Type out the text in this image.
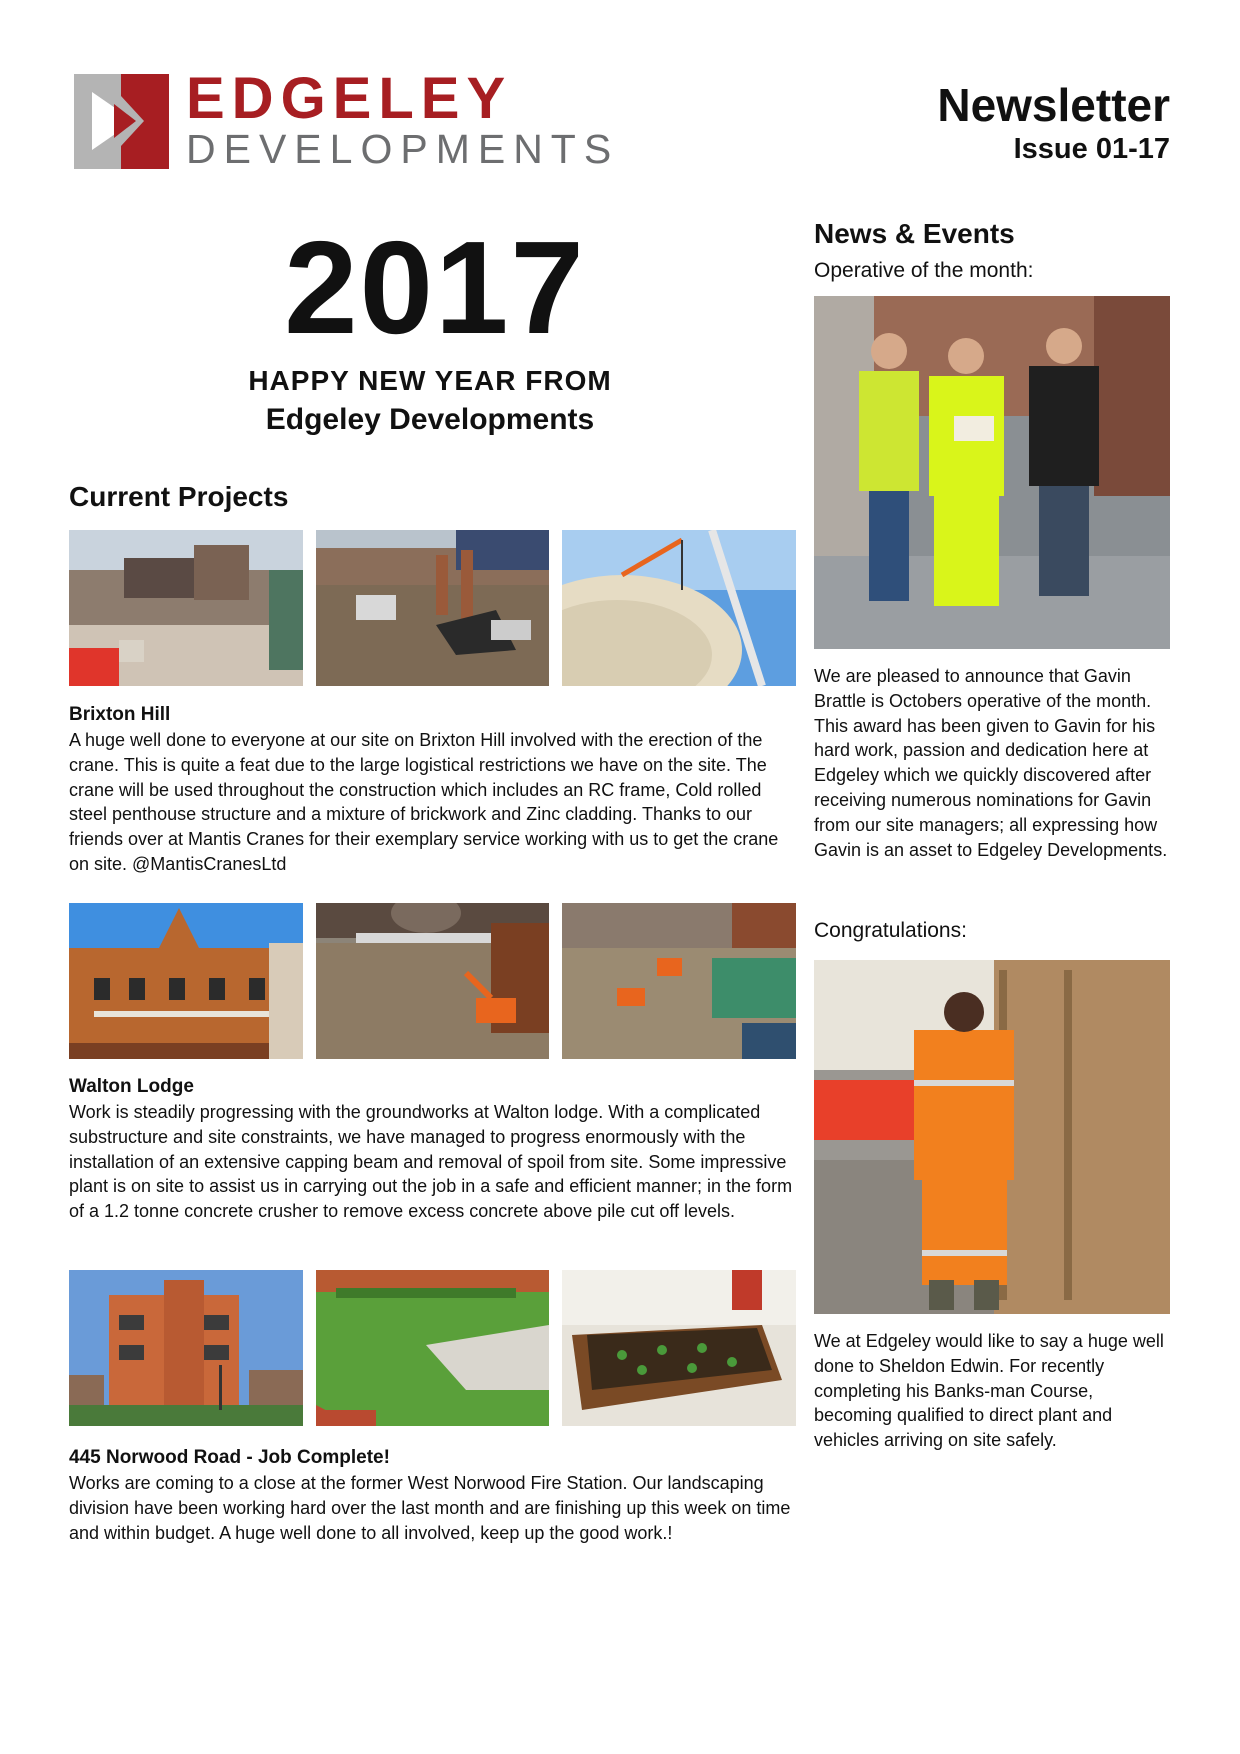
EDGELEY
DEVELOPMENTS
Newsletter
Issue 01-17
2017
HAPPY NEW YEAR FROM
Edgeley Developments
Current Projects
Brixton Hill
A huge well done to everyone at our site on Brixton Hill involved with the erection of the crane. This is quite a feat due to the large logistical restrictions we have on the site. The crane will be used throughout the construction which includes an RC frame, Cold rolled steel penthouse structure and a mixture of brickwork and Zinc cladding. Thanks to our friends over at Mantis Cranes for their exemplary service working with us to get the crane on site. @MantisCranesLtd
Walton Lodge
Work is steadily progressing with the groundworks at Walton lodge. With a complicated substructure and site constraints, we have managed to progress enormously with the installation of an extensive capping beam and removal of spoil from site. Some impressive plant is on site to assist us in carrying out the job in a safe and efficient manner; in the form of a 1.2 tonne concrete crusher to remove excess concrete above pile cut off levels.
445 Norwood Road - Job Complete!
Works are coming to a close at the former West Norwood Fire Station. Our landscaping division have been working hard over the last month and are finishing up this week on time and within budget. A huge well done to all involved, keep up the good work.!
News & Events
Operative of the month:
We are pleased to announce that Gavin Brattle is Octobers operative of the month. This award has been given to Gavin for his hard work, passion and dedication here at Edgeley which we quickly discovered after receiving numerous nominations for Gavin from our site managers; all expressing how Gavin is an asset to Edgeley Developments.
Congratulations:
We at Edgeley would like to say a huge well done to Sheldon Edwin. For recently completing his Banks-man Course, becoming qualified to direct plant and vehicles arriving on site safely.
